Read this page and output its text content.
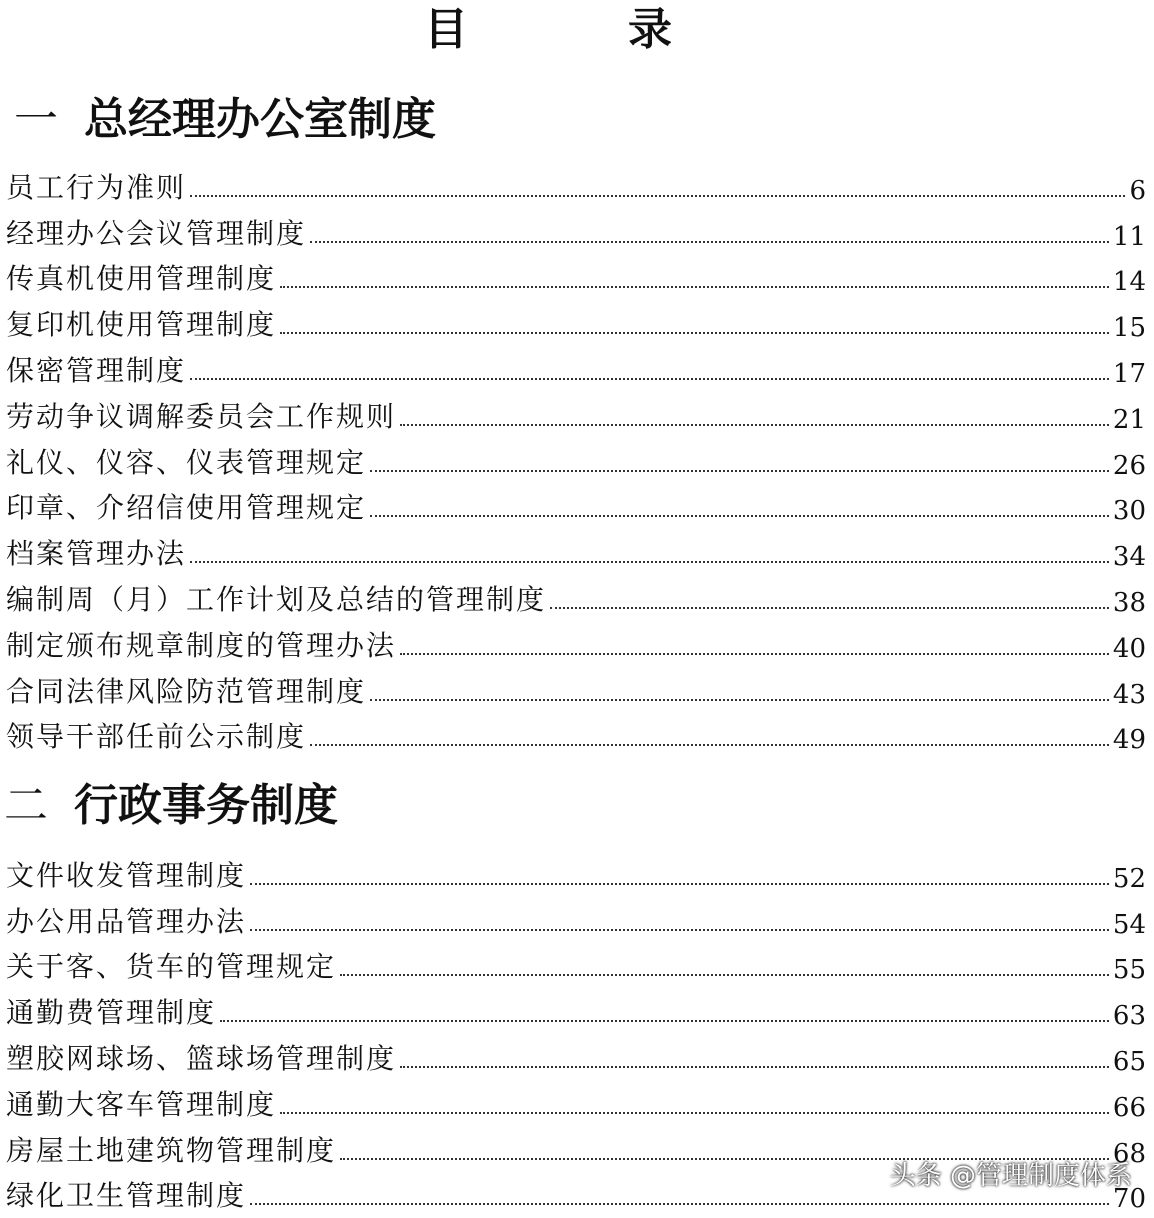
目　录
一 总经理办公室制度
员工行为准则	6
经理办公会议管理制度	11
传真机使用管理制度	14
复印机使用管理制度	15
保密管理制度	17
劳动争议调解委员会工作规则	21
礼仪、仪容、仪表管理规定	26
印章、介绍信使用管理规定	30
档案管理办法	34
编制周（月）工作计划及总结的管理制度	38
制定颁布规章制度的管理办法	40
合同法律风险防范管理制度	43
领导干部任前公示制度	49
二 行政事务制度
文件收发管理制度	52
办公用品管理办法	54
关于客、货车的管理规定	55
通勤费管理制度	63
塑胶网球场、篮球场管理制度	65
通勤大客车管理制度	66
房屋土地建筑物管理制度	68
绿化卫生管理制度	70
头条 @管理制度体系
